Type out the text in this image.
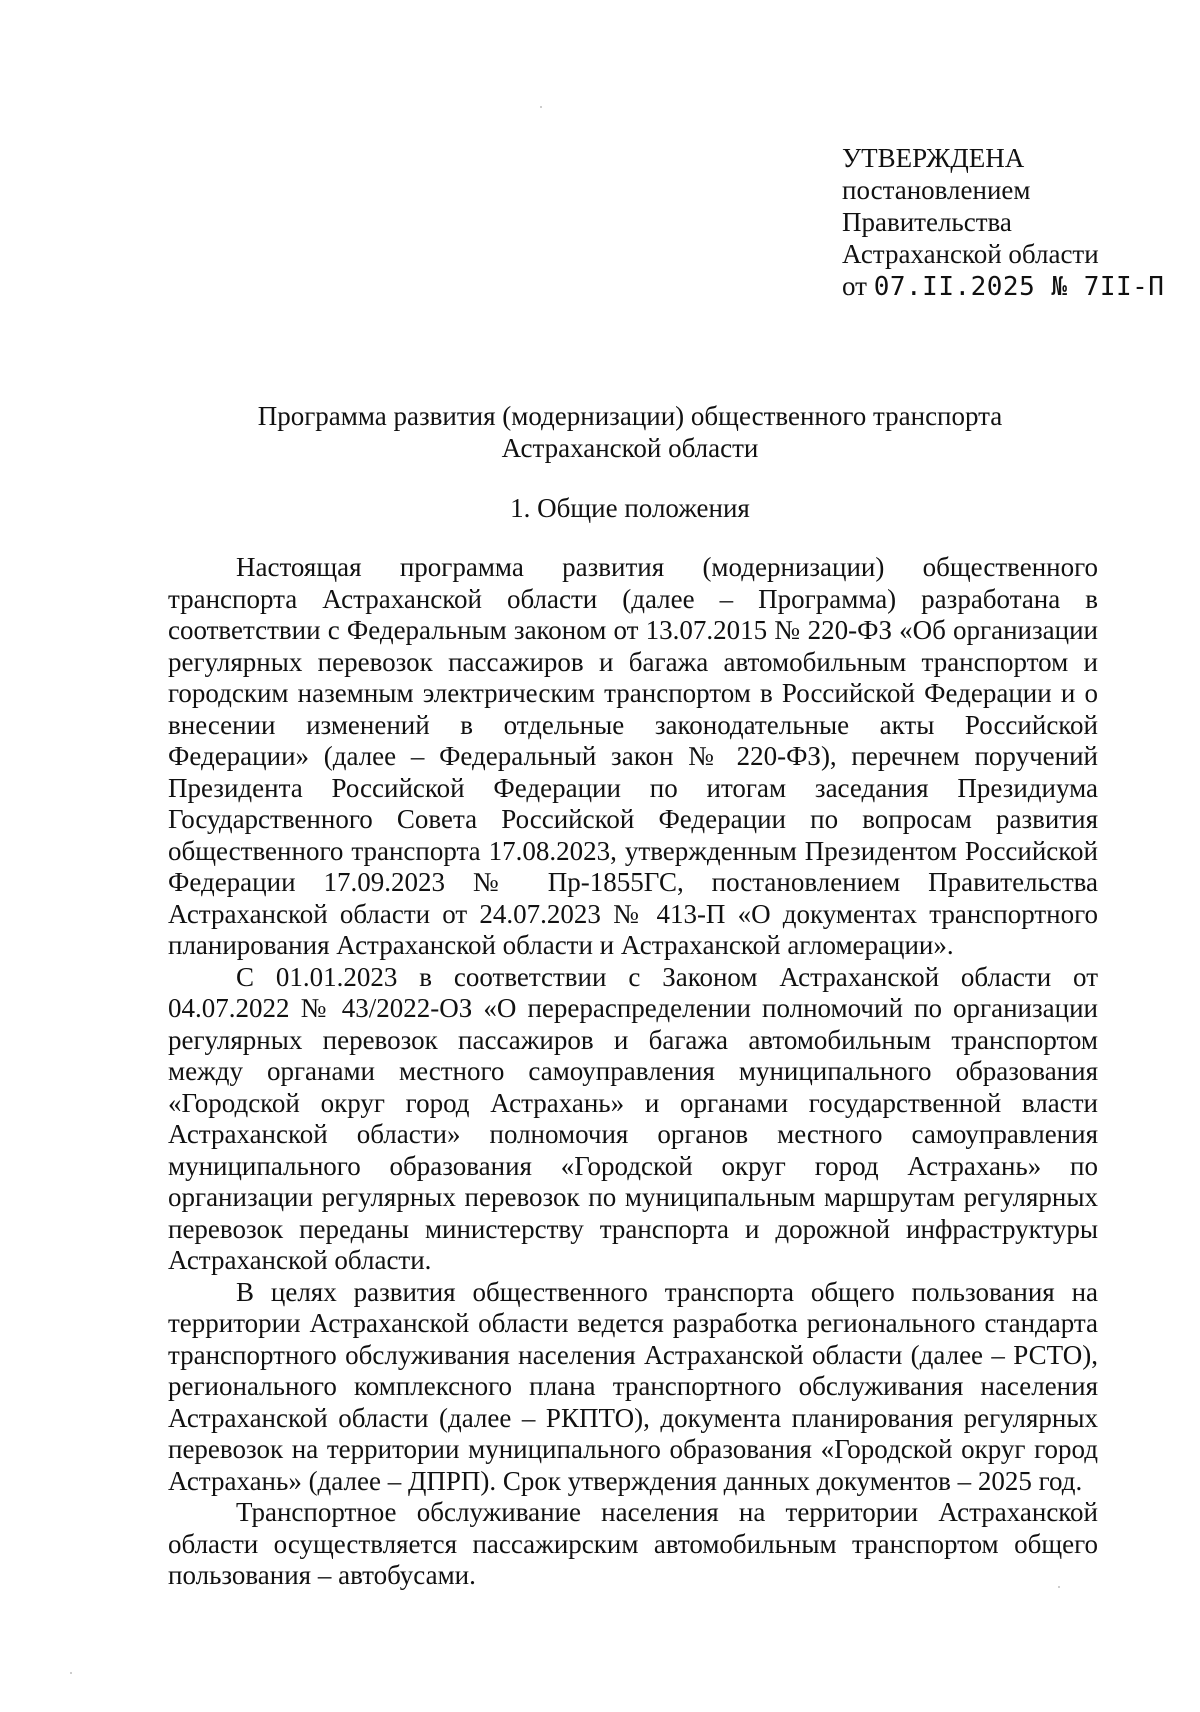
УТВЕРЖДЕНА
постановлением
Правительства
Астраханской области
от 07.II.2025 № 7II-П
Программа развития (модернизации) общественного транспорта
Астраханской области
1. Общие положения

Настоящая программа развития (модернизации) общественного транспорта Астраханской области (далее – Программа) разработана в соответствии с Федеральным законом от 13.07.2015 № 220-ФЗ «Об организации регулярных перевозок пассажиров и багажа автомобильным транспортом и городским наземным электрическим транспортом в Российской Федерации и о внесении изменений в отдельные законодательные акты Российской Федерации» (далее – Федеральный закон № 220-ФЗ), перечнем поручений Президента Российской Федерации по итогам заседания Президиума Государственного Совета Российской Федерации по вопросам развития общественного транспорта 17.08.2023, утвержденным Президентом Российской Федерации 17.09.2023 № Пр-1855ГС, постановлением Правительства Астраханской области от 24.07.2023 № 413-П «О документах транспортного планирования Астраханской области и Астраханской агломерации».

С 01.01.2023 в соответствии с Законом Астраханской области от 04.07.2022 № 43/2022-ОЗ «О перераспределении полномочий по организации регулярных перевозок пассажиров и багажа автомобильным транспортом между органами местного самоуправления муниципального образования «Городской округ город Астрахань» и органами государственной власти Астраханской области» полномочия органов местного самоуправления муниципального образования «Городской округ город Астрахань» по организации регулярных перевозок по муниципальным маршрутам регулярных перевозок переданы министерству транспорта и дорожной инфраструктуры Астраханской области.

В целях развития общественного транспорта общего пользования на территории Астраханской области ведется разработка регионального стандарта транспортного обслуживания населения Астраханской области (далее – РСТО), регионального комплексного плана транспортного обслуживания населения Астраханской области (далее – РКПТО), документа планирования регулярных перевозок на территории муниципального образования «Городской округ город Астрахань» (далее – ДПРП). Срок утверждения данных документов – 2025 год.

Транспортное обслуживание населения на территории Астраханской области осуществляется пассажирским автомобильным транспортом общего пользования – автобусами.
